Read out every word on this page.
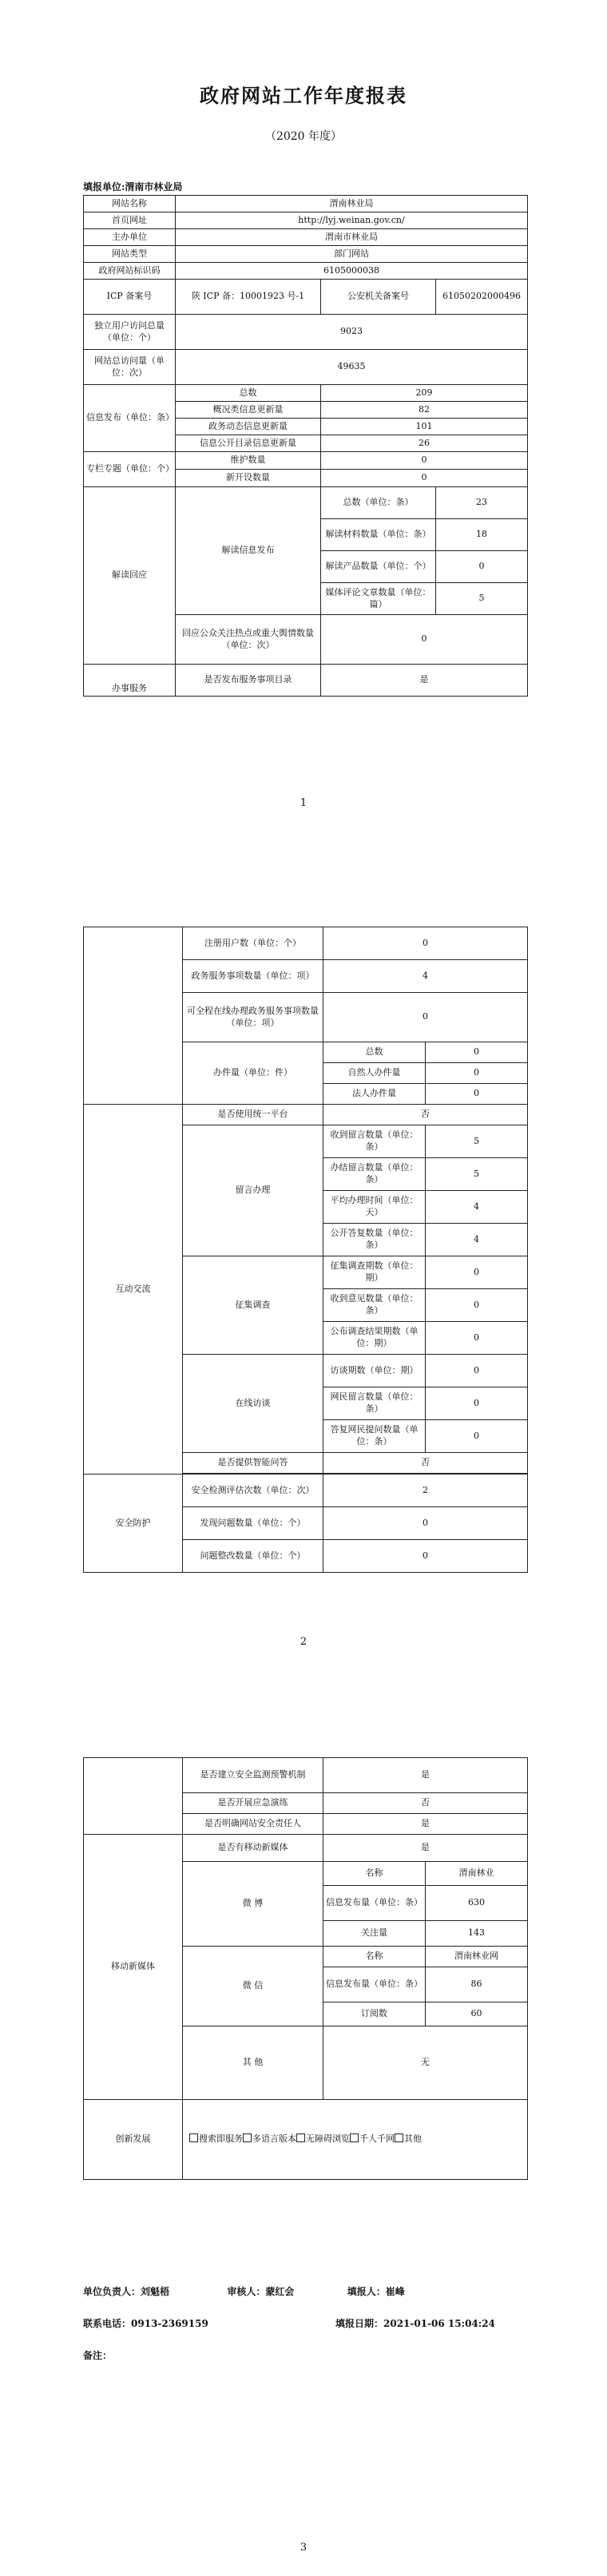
政府网站工作年度报表
（2020 年度）
填报单位:渭南市林业局
网站名称	渭南林业局		
首页网址	http://lyj.weinan.gov.cn/		
主办单位	渭南市林业局		
网站类型	部门网站		
政府网站标识码	6105000038		
ICP 备案号	陕 ICP 备：10001923 号-1	公安机关备案号	61050202000496
独立用户访问总量（单位：个）	9023		
网站总访问量（单位：次）	49635		
信息发布（单位：条）	总数	209	
	概况类信息更新量	82	
	政务动态信息更新量	101	
	信息公开目录信息更新量	26	
专栏专题（单位：个）	维护数量	0	
	新开设数量	0	
解读回应	解读信息发布	总数（单位：条）	23
		解读材料数量（单位：条）	18
		解读产品数量（单位：个）	0
		媒体评论文章数量（单位：篇）	5
	回应公众关注热点或重大舆情数量（单位：次）	0	
办事服务	是否发布服务事项目录	是	
1
	注册用户数（单位：个）	0	
	政务服务事项数量（单位：项）	4	
	可全程在线办理政务服务事项数量（单位：项）	0	
	办件量（单位：件）	总数	0
		自然人办件量	0
		法人办件量	0
互动交流	是否使用统一平台	否	
	留言办理	收到留言数量（单位：条）	5
		办结留言数量（单位：条）	5
		平均办理时间（单位：天）	4
		公开答复数量（单位：条）	4
	征集调查	征集调查期数（单位：期）	0
		收到意见数量（单位：条）	0
		公布调查结果期数（单位：期）	0
	在线访谈	访谈期数（单位：期）	0
		网民留言数量（单位：条）	0
		答复网民提问数量（单位：条）	0
	是否提供智能问答	否	

安全防护	安全检测评估次数（单位：次）	2	
	发现问题数量（单位：个）	0	
	问题整改数量（单位：个）	0	
2
	是否建立安全监测预警机制	是	
	是否开展应急演练	否	
	是否明确网站安全责任人	是	
移动新媒体	是否有移动新媒体	是	
	微 博	名称	渭南林业
		信息发布量（单位：条）	630
		关注量	143
	微 信	名称	渭南林业网
		信息发布量（单位：条）	86
		订阅数	60
	其 他	无	
创新发展	搜索即服务 多语言版本 无障碍浏览 千人千网 其他		
单位负责人：刘魁梧	审核人：蒙红会	填报人：崔峰
联系电话：0913-2369159	填报日期：2021-01-06 15:04:24
备注：
3
